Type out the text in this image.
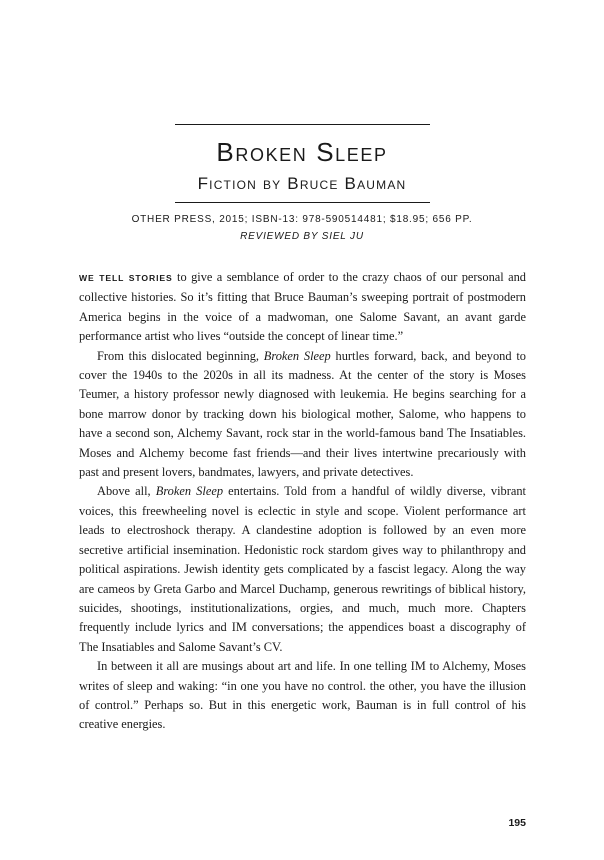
Broken Sleep
Fiction by Bruce Bauman
OTHER PRESS, 2015; ISBN-13: 978-590514481; $18.95; 656 PP.
REVIEWED BY SIEL JU

WE TELL STORIES to give a semblance of order to the crazy chaos of our personal and collective histories. So it’s fitting that Bruce Bauman’s sweeping portrait of postmodern America begins in the voice of a madwoman, one Salome Savant, an avant garde performance artist who lives “outside the concept of linear time.”

From this dislocated beginning, Broken Sleep hurtles forward, back, and beyond to cover the 1940s to the 2020s in all its madness. At the center of the story is Moses Teumer, a history professor newly diagnosed with leukemia. He begins searching for a bone marrow donor by tracking down his biological mother, Salome, who happens to have a second son, Alchemy Savant, rock star in the world-famous band The Insatiables. Moses and Alchemy become fast friends—and their lives intertwine precariously with past and present lovers, bandmates, lawyers, and private detectives.

Above all, Broken Sleep entertains. Told from a handful of wildly diverse, vibrant voices, this freewheeling novel is eclectic in style and scope. Violent performance art leads to electroshock therapy. A clandestine adoption is followed by an even more secretive artificial insemination. Hedonistic rock stardom gives way to philanthropy and political aspirations. Jewish identity gets complicated by a fascist legacy. Along the way are cameos by Greta Garbo and Marcel Duchamp, generous rewritings of biblical history, suicides, shootings, institutionalizations, orgies, and much, much more. Chapters frequently include lyrics and IM conversations; the appendices boast a discography of The Insatiables and Salome Savant’s CV.

In between it all are musings about art and life. In one telling IM to Alchemy, Moses writes of sleep and waking: “in one you have no control. the other, you have the illusion of control.” Perhaps so. But in this energetic work, Bauman is in full control of his creative energies.

195
